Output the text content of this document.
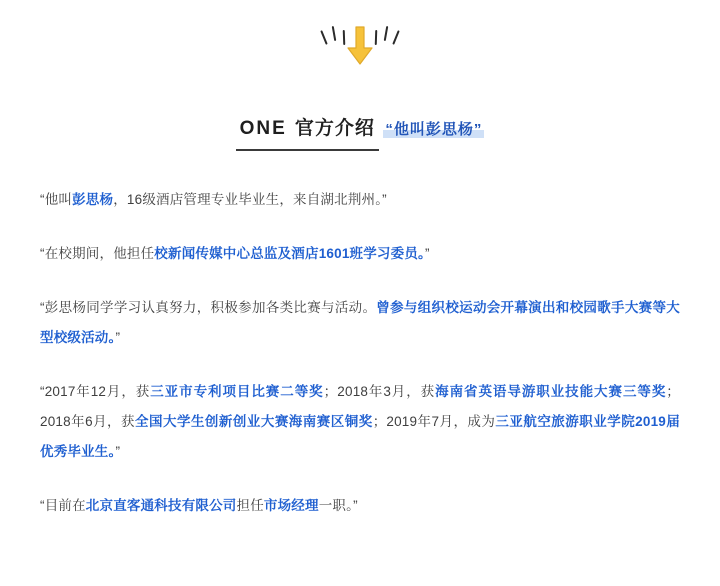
ONE 官方介绍 “他叫彭思杨”

“他叫彭思杨，16级酒店管理专业毕业生，来自湖北荆州。”

“在校期间，他担任校新闻传媒中心总监及酒店1601班学习委员。”

“彭思杨同学学习认真努力，积极参加各类比赛与活动。曾参与组织校运动会开幕演出和校园歌手大赛等大型校级活动。”

“2017年12月，获三亚市专利项目比赛二等奖；2018年3月，获海南省英语导游职业技能大赛三等奖；2018年6月，获全国大学生创新创业大赛海南赛区铜奖；2019年7月，成为三亚航空旅游职业学院2019届优秀毕业生。”

“目前在北京直客通科技有限公司担任市场经理一职。”
